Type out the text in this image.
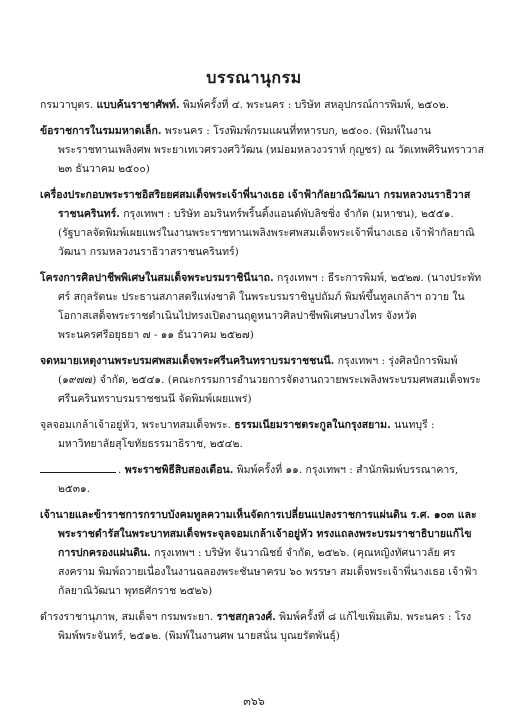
บรรณานุกรม
กรมวาบุตร. แบบค้นราชาศัพท์. พิมพ์ครั้งที่ ๔. พระนคร : บริษัท สหอุปกรณ์การพิมพ์, ๒๕๐๒.
ข้อราชการในรมมหาดเล็ก. พระนคร : โรงพิมพ์กรมแผนที่ทหารบก, ๒๕๐๐. (พิมพ์ในงานพระราชทานเพลิงศพ พระยาเทเวศรวงศวิวัฒน (หม่อมหลวงวราห์ กุญชร) ณ วัดเทพศิรินทราวาส ๒๓ ธันวาคม ๒๕๐๐)
เครื่องประกอบพระราชอิสริยยศสมเด็จพระเจ้าพี่นางเธอ เจ้าฟ้ากัลยาณิวัฒนา กรมหลวงนราธิวาสราชนครินทร์. กรุงเทพฯ : บริษัท อมรินทร์พริ้นติ้งแอนด์พับลิชชิ่ง จำกัด (มหาชน), ๒๕๕๑. (รัฐบาลจัดพิมพ์เผยแพร่ในงานพระราชทานเพลิงพระศพสมเด็จพระเจ้าพี่นางเธอ เจ้าฟ้ากัลยาณิวัฒนา กรมหลวงนราธิวาสราชนครินทร์)
โครงการศิลปาชีพพิเศษในสมเด็จพระบรมราชินีนาถ. กรุงเทพฯ : ธีระการพิมพ์, ๒๕๒๗. (นางประพัทศร์ สกุลรัตนะ ประธานสภาสตรีแห่งชาติ ในพระบรมราชินูปถัมภ์ พิมพ์ขึ้นทูลเกล้าฯ ถวาย ในโอกาสเสด็จพระราชดำเนินไปทรงเปิดงานฤดูหนาวศิลปาชีพพิเศษบางไทร จังหวัดพระนครศรีอยุธยา ๗ - ๑๑ ธันวาคม ๒๕๒๗)
จดหมายเหตุงานพระบรมศพสมเด็จพระศรีนครินทราบรมราชชนนี. กรุงเทพฯ : รุ่งศิลป์การพิมพ์ (๑๙๗๗) จำกัด, ๒๕๔๑. (คณะกรรมการอำนวยการจัดงานถวายพระเพลิงพระบรมศพสมเด็จพระศรีนครินทราบรมราชชนนี จัดพิมพ์เผยแพร่)
จุลจอมเกล้าเจ้าอยู่หัว, พระบาทสมเด็จพระ. ธรรมเนียมราชตระกูลในกรุงสยาม. นนทบุรี : มหาวิทยาลัยสุโขทัยธรรมาธิราช, ๒๕๔๒.
. พระราชพิธีสิบสองเดือน. พิมพ์ครั้งที่ ๑๑. กรุงเทพฯ : สำนักพิมพ์บรรณาคาร, ๒๕๓๑.
เจ้านายและข้าราชการกราบบังคมทูลความเห็นจัดการเปลี่ยนแปลงราชการแผ่นดิน ร.ศ. ๑๐๓ และ พระราชดำรัสในพระบาทสมเด็จพระจุลจอมเกล้าเจ้าอยู่หัว ทรงแถลงพระบรมราชาธิบายแก้ไขการปกครองแผ่นดิน. กรุงเทพฯ : บริษัท จันวาณิชย์ จำกัด, ๒๕๒๖. (คุณหญิงทัศนาวลัย ศรสงคราม พิมพ์ถวายเนื่องในงานฉลองพระชันษาครบ ๖๐ พรรษา สมเด็จพระเจ้าพี่นางเธอ เจ้าฟ้ากัลยาณิวัฒนา พุทธศักราช ๒๕๒๖)
ดำรงราชานุภาพ, สมเด็จฯ กรมพระยา. ราชสกุลวงศ์. พิมพ์ครั้งที่ ๘ แก้ไขเพิ่มเติม. พระนคร : โรงพิมพ์พระจันทร์, ๒๕๑๒. (พิมพ์ในงานศพ นายสนั่น บุณยรัตพันธุ์)
๓๖๖
